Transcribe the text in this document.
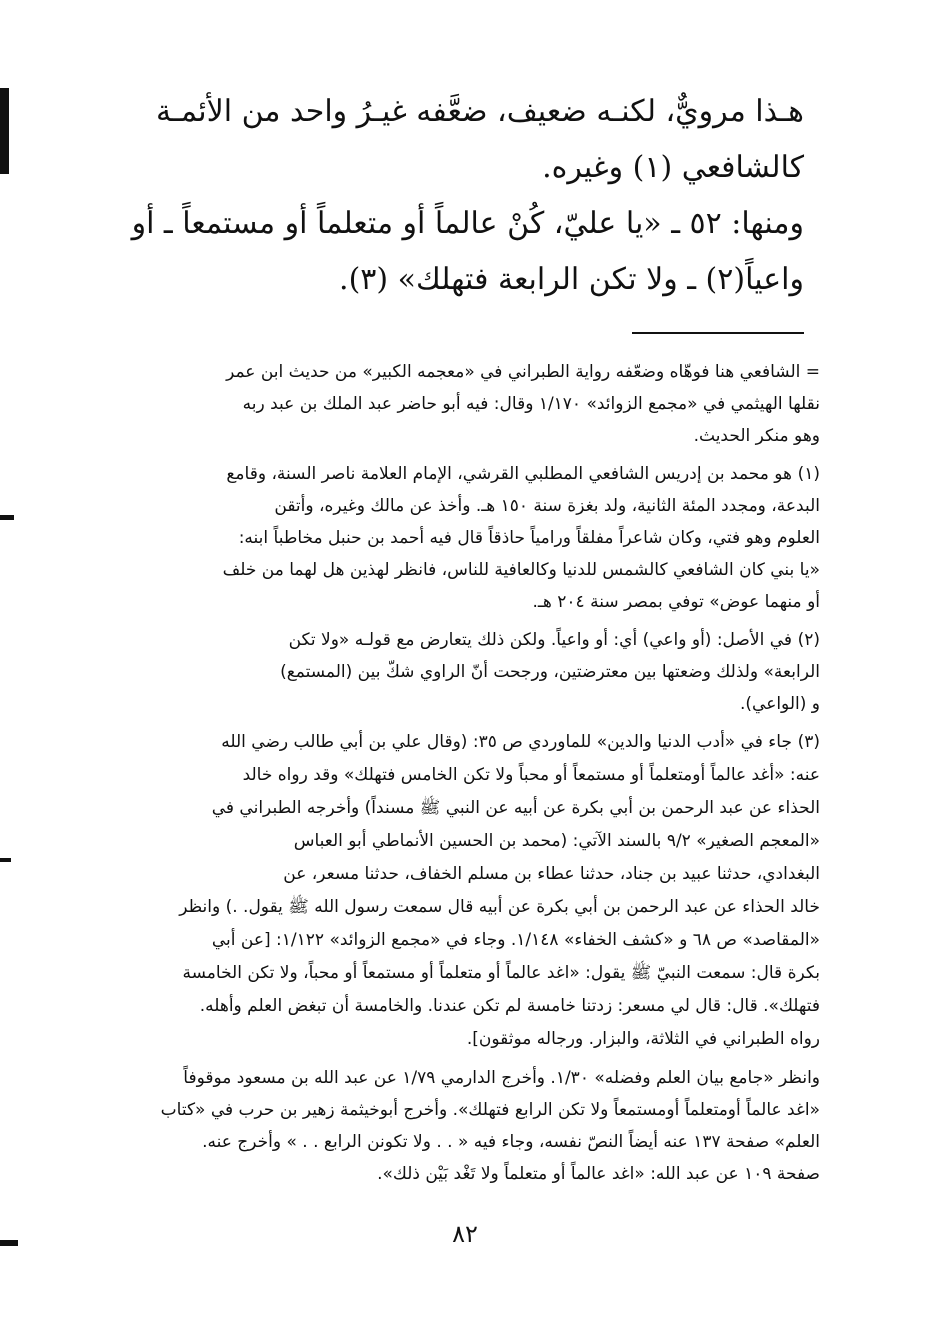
هـذا مرويٌّ، لكنـه ضعيف، ضعَّفه غيـرُ واحد من الأئمـة
كالشافعي (١) وغيره.
ومنها: ٥٢ ـ «يا عليّ، كُنْ عالماً أو متعلماً أو مستمعاً ـ أو
واعياً(٢) ـ ولا تكن الرابعة فتهلك» (٣).
= الشافعي هنا فوهّاه وضعّفه رواية الطبراني في «معجمه الكبير» من حديث ابن عمر
نقلها الهيثمي في «مجمع الزوائد» ١/١٧٠ وقال: فيه أبو حاضر عبد الملك بن عبد ربه
وهو منكر الحديث.
(١)هو محمد بن إدريس الشافعي المطلبي القرشي، الإمام العلامة ناصر السنة، وقامع
البدعة، ومجدد المئة الثانية، ولد بغزة سنة ١٥٠ هـ. وأخذ عن مالك وغيره، وأتقن
العلوم وهو فتي، وكان شاعراً مفلقاً ورامياً حاذقاً قال فيه أحمد بن حنبل مخاطباً ابنه:
«يا بني كان الشافعي كالشمس للدنيا وكالعافية للناس، فانظر لهذين هل لهما من خلف
أو منهما عوض» توفي بمصر سنة ٢٠٤ هـ.
(٢)في الأصل: (أو واعي) أي: أو واعياً. ولكن ذلك يتعارض مع قولـه «ولا تكن
الرابعة» ولذلك وضعتها بين معترضتين، ورجحت أنّ الراوي شكّ بين (المستمع)
و (الواعي).
(٣)جاء في «أدب الدنيا والدين» للماوردي ص ٣٥: (وقال علي بن أبي طالب رضي الله
عنه: «أغد عالماً أومتعلماً أو مستمعاً أو محباً ولا تكن الخامس فتهلك» وقد رواه خالد
الحذاء عن عبد الرحمن بن أبي بكرة عن أبيه عن النبي ﷺ مسنداً) وأخرجه الطبراني في
«المعجم الصغير» ٩/٢ بالسند الآتي: (محمد بن الحسين الأنماطي أبو العباس
البغدادي، حدثنا عبيد بن جناد، حدثنا عطاء بن مسلم الخفاف، حدثنا مسعر، عن
خالد الحذاء عن عبد الرحمن بن أبي بكرة عن أبيه قال سمعت رسول الله ﷺ يقول. .) وانظر
«المقاصد» ص ٦٨ و «كشف الخفاء» ١/١٤٨. وجاء في «مجمع الزوائد» ١/١٢٢: [عن أبي
بكرة قال: سمعت النبيّ ﷺ يقول: «اغد عالماً أو متعلماً أو مستمعاً أو محباً، ولا تكن الخامسة
فتهلك». قال: قال لي مسعر: زدتنا خامسة لم تكن عندنا. والخامسة أن تبغض العلم وأهله.
رواه الطبراني في الثلاثة، والبزار. ورجاله موثقون].
وانظر «جامع بيان العلم وفضله» ١/٣٠. وأخرج الدارمي ١/٧٩ عن عبد الله بن مسعود موقوفاً
«اغد عالماً أومتعلماً أومستمعاً ولا تكن الرابع فتهلك». وأخرج أبوخيثمة زهير بن حرب في «كتاب
العلم» صفحة ١٣٧ عنه أيضاً النصّ نفسه، وجاء فيه « . . ولا تكونن الرابع . . » وأخرج عنه.
صفحة ١٠٩ عن عبد الله: «اغد عالماً أو متعلماً ولا تَغْد بَيْن ذلك».
٨٢
